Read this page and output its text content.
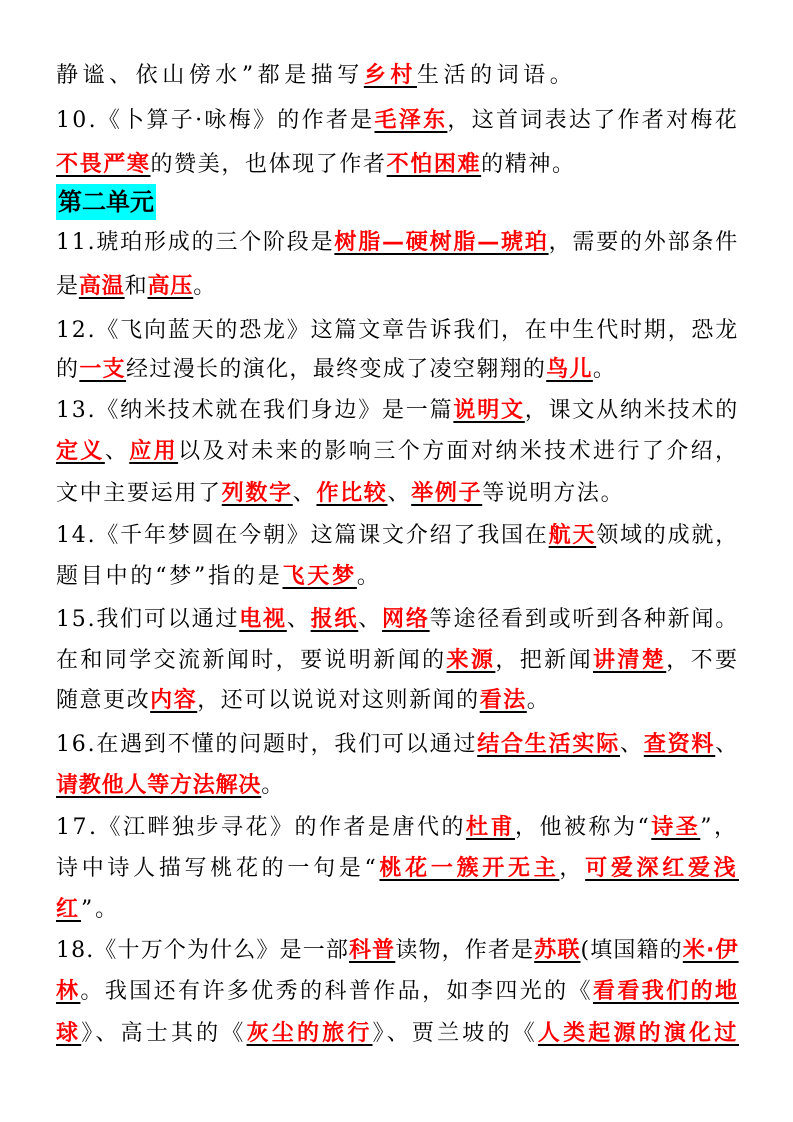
静谧、依山傍水”都是描写乡村生活的词语。
10.《卜算子·咏梅》的作者是毛泽东，这首词表达了作者对梅花
不畏严寒的赞美，也体现了作者不怕困难的精神。
第二单元
11.琥珀形成的三个阶段是树脂—硬树脂—琥珀，需要的外部条件
是高温和高压。
12.《飞向蓝天的恐龙》这篇文章告诉我们，在中生代时期，恐龙
的一支经过漫长的演化，最终变成了凌空翱翔的鸟儿。
13.《纳米技术就在我们身边》是一篇说明文，课文从纳米技术的
定义、应用以及对未来的影响三个方面对纳米技术进行了介绍，
文中主要运用了列数字、作比较、举例子等说明方法。
14.《千年梦圆在今朝》这篇课文介绍了我国在航天领域的成就，
题目中的“梦”指的是飞天梦。
15.我们可以通过电视、报纸、网络等途径看到或听到各种新闻。
在和同学交流新闻时，要说明新闻的来源，把新闻讲清楚，不要
随意更改内容，还可以说说对这则新闻的看法。
16.在遇到不懂的问题时，我们可以通过结合生活实际、查资料、
请教他人等方法解决。
17.《江畔独步寻花》的作者是唐代的杜甫，他被称为“诗圣”，
诗中诗人描写桃花的一句是“桃花一簇开无主，可爱深红爱浅
红”。
18.《十万个为什么》是一部科普读物，作者是苏联(填国籍的米·伊
林。我国还有许多优秀的科普作品，如李四光的《看看我们的地
球》、高士其的《灰尘的旅行》、贾兰坡的《人类起源的演化过
